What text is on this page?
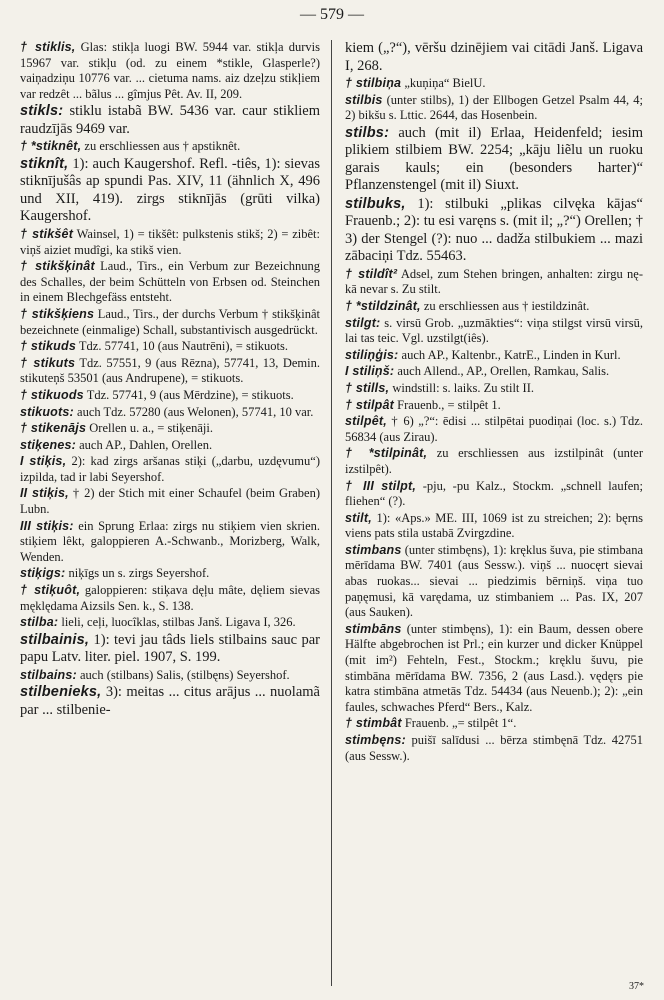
— 579 —

† stiklis, Glas: stikļa luogi BW. 5944 var. stikļa durvis 15967 var. stikļu (od. zu einem *stikle, Glasperle?) vaiņadziņu 10776 var. ... cietuma nams. aiz dzeļzu stikļiem var redzêt ... bãlus ... gîmjus Pêt. Av. II, 209.

stikls: stiklu istabã BW. 5436 var. caur stikliem raudzījās 9469 var.

† *stiknêt, zu erschliessen aus † apstiknêt.

stiknît, 1): auch Kaugershof. Refl. -tiês, 1): sievas stiknījušâs ap spundi Pas. XIV, 11 (ähnlich X, 496 und XII, 419). zirgs stiknījās (grūti vilka) Kaugershof.

† stikšêt Wainsel, 1) = tikšêt: pulkstenis stikš; 2) = zibêt: viņš aiziet mudîgi, ka stikš vien.

† stikšķinât Laud., Tirs., ein Verbum zur Bezeichnung des Schalles, der beim Schütteln von Erbsen od. Steinchen in einem Blechgefäss entsteht.

† stikšķiens Laud., Tirs., der durchs Verbum † stikšķinât bezeichnete (einmalige) Schall, substantivisch ausgedrückt.

† stikuds Tdz. 57741, 10 (aus Nautrēni), = stikuots.

† stikuts Tdz. 57551, 9 (aus Rēzna), 57741, 13, Demin. stikuteņš 53501 (aus Andrupene), = stikuots.

† stikuods Tdz. 57741, 9 (aus Mērdzine), = stikuots.

stikuots: auch Tdz. 57280 (aus Welonen), 57741, 10 var.

† stikenājs Orellen u. a., = stiķenāji.

stiķenes: auch AP., Dahlen, Orellen.

I stiķis, 2): kad zirgs aršanas stiķi („darbu, uzdęvumu“) izpilda, tad ir labi Seyershof.

II stiķis, † 2) der Stich mit einer Schaufel (beim Graben) Lubn.

III stiķis: ein Sprung Erlaa: zirgs nu stiķiem vien skrien. stiķiem lêkt, galoppieren A.-Schwanb., Morizberg, Walk, Wenden.

stiķigs: niķīgs un s. zirgs Seyershof.

† stiķuôt, galoppieren: stiķava dęļu mâte, dęliem sievas męklędama Aizsils Sen. k., S. 138.

stilba: lieli, ceļi, luocîklas, stilbas Janš. Ligava I, 326.

stilbainis, 1): tevi jau tâds liels stilbains sauc par papu Latv. liter. piel. 1907, S. 199.

stilbains: auch (stilbans) Salis, (stilbęns) Seyershof.

stilbenieks, 3): meitas ... citus arājus ... nuolamã par ... stilbenie-

kiem („?“), vēršu dzinējiem vai citādi Janš. Ligava I, 268.

† stilbiņa „kuņiņa“ BielU.

stilbis (unter stilbs), 1) der Ellbogen Getzel Psalm 44, 4; 2) bikšu s. Lttic. 2644, das Hosenbein.

stilbs: auch (mit il) Erlaa, Heidenfeld; iesim plikiem stilbiem BW. 2254; „kāju liẽlu un ruoku garais kauls; ein (besonders harter)“ Pflanzenstengel (mit il) Siuxt.

stilbuks, 1): stilbuki „plikas cilvęka kājas“ Frauenb.; 2): tu esi varęns s. (mit il; „?“) Orellen; † 3) der Stengel (?): nuo ... dadža stilbukiem ... mazi zābaciņi Tdz. 55463.

† stildît² Adsel, zum Stehen bringen, anhalten: zirgu nę-kā nevar s. Zu stilt.

† *stildzinât, zu erschliessen aus † iestildzinât.

stilgt: s. virsū Grob. „uzmākties“: viņa stilgst virsū virsū, lai tas teic. Vgl. uzstilgt(iês).

stiliņģis: auch AP., Kaltenbr., KatrE., Linden in Kurl.

I stiliņš: auch Allend., AP., Orellen, Ramkau, Salis.

† stills, windstill: s. laiks. Zu stilt II.

† stilpât Frauenb., = stilpêt 1.

stilpêt, † 6) „?“: ēdisi ... stilpētai puodiņai (loc. s.) Tdz. 56834 (aus Zirau).

† *stilpinât, zu erschliessen aus izstilpinât (unter izstilpêt).

† III stilpt, -pju, -pu Kalz., Stockm. „schnell laufen; fliehen“ (?).

stilt, 1): «Aps.» ME. III, 1069 ist zu streichen; 2): bęrns viens pats stila ustabā Zvirgzdine.

stimbans (unter stimbęns), 1): kręklus šuva, pie stimbana mērīdama BW. 7401 (aus Sessw.). viņš ... nuocęrt sievai abas ruokas... sievai ... piedzimis bērniņš. viņa tuo paņęmusi, kā varędama, uz stimbaniem ... Pas. IX, 207 (aus Sauken).

stimbāns (unter stimbęns), 1): ein Baum, dessen obere Hälfte abgebrochen ist Prl.; ein kurzer und dicker Knüppel (mit im²) Fehteln, Fest., Stockm.; kręklu šuvu, pie stimbāna mērīdama BW. 7356, 2 (aus Lasd.). vędęrs pie katra stimbāna atmetās Tdz. 54434 (aus Neuenb.); 2): „ein faules, schwaches Pferd“ Bers., Kalz.

† stimbât Frauenb. „= stilpêt 1“.

stimbęns: puišī salīdusi ... bērza stimbęnā Tdz. 42751 (aus Sessw.).

37*
